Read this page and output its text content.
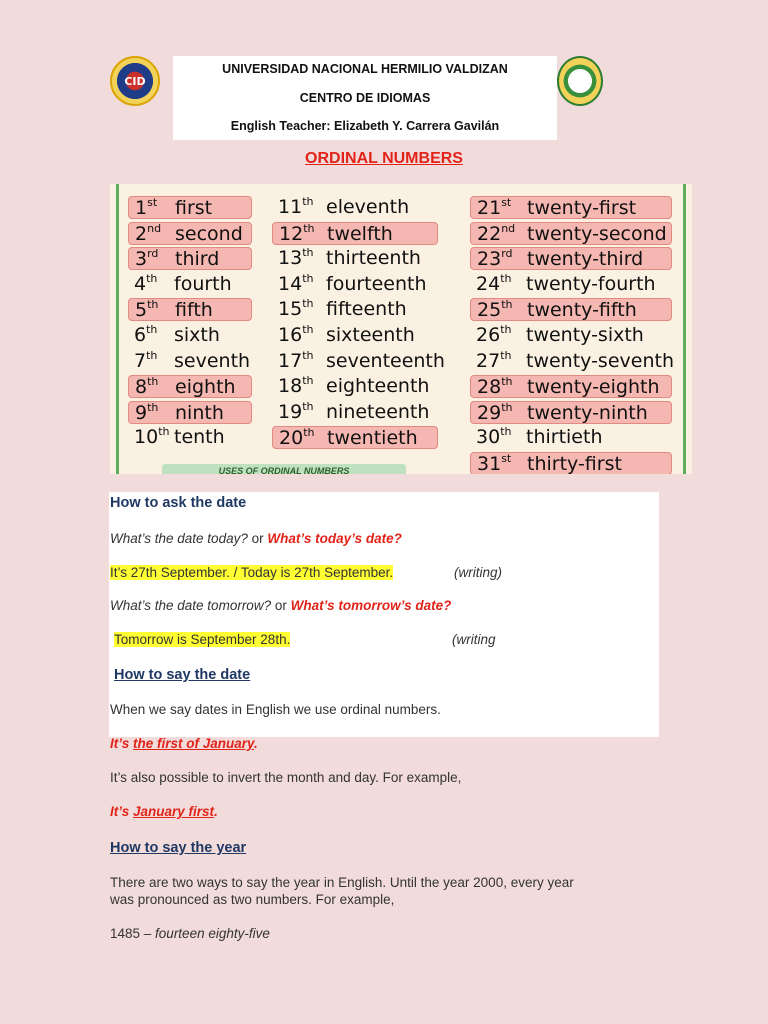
CID
UNIVERSIDAD NACIONAL HERMILIO VALDIZAN
CENTRO DE IDIOMAS
English Teacher: Elizabeth Y. Carrera Gavilán
ORDINAL NUMBERS
USES OF ORDINAL NUMBERS
1st first
2nd second
3rd third
4th fourth
5th fifth
6th sixth
7th seventh
8th eighth
9th ninth
10th tenth
11th eleventh
12th twelfth
13th thirteenth
14th fourteenth
15th fifteenth
16th sixteenth
17th seventeenth
18th eighteenth
19th nineteenth
20th twentieth
21st twenty-first
22nd twenty-second
23rd twenty-third
24th twenty-fourth
25th twenty-fifth
26th twenty-sixth
27th twenty-seventh
28th twenty-eighth
29th twenty-ninth
30th thirtieth
31st thirty-first
How to ask the date
What’s the date today? or What’s today’s date?
It’s 27th September. / Today is 27th September.	(writing)
What’s the date tomorrow? or What’s tomorrow’s date?
Tomorrow is September 28th.	(writing
How to say the date
When we say dates in English we use ordinal numbers.
It’s the first of January.
It’s also possible to invert the month and day. For example,
It’s January first.
How to say the year
There are two ways to say the year in English. Until the year 2000, every year
was pronounced as two numbers. For example,
1485 – fourteen eighty-five
